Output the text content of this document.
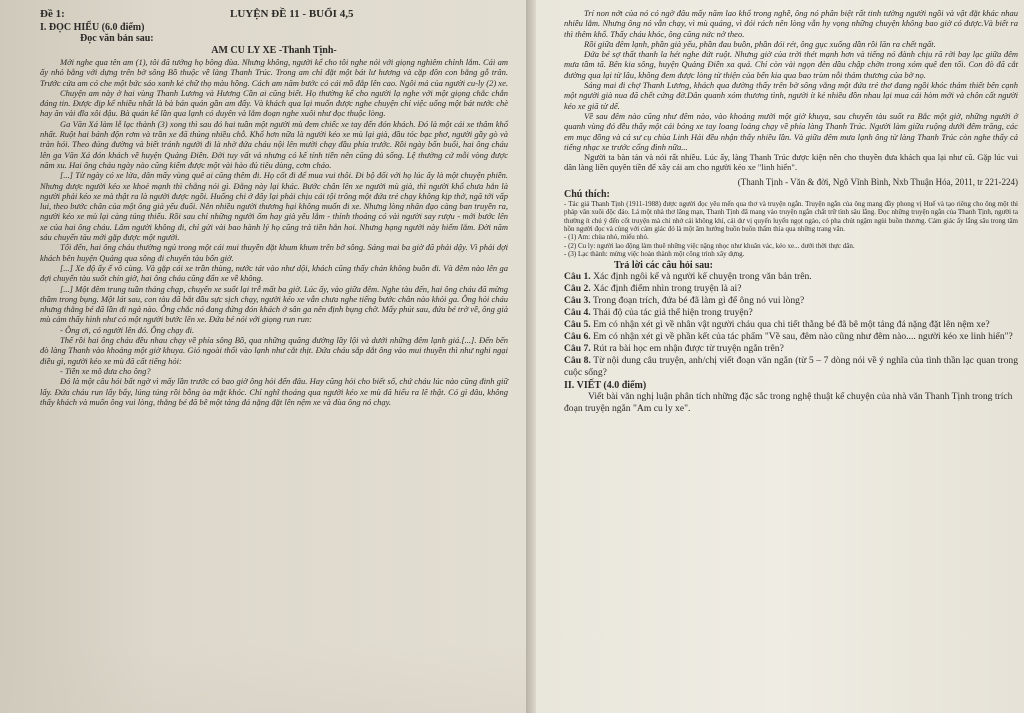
Đề 1:	LUYỆN ĐỀ 11 - BUỔI 4,5
I. ĐỌC HIỂU (6.0 điểm)
Đọc văn bản sau:
AM CU LY XE -Thanh Tịnh-

Mới nghe qua tên am (1), tôi đã tưởng họ bông đùa. Nhưng không, người kể cho tôi nghe nói với giọng nghiêm chỉnh lắm. Cái am ấy nhỏ bằng với dựng trên bờ sông Bồ thuộc về làng Thanh Trúc. Trong am chỉ đặt một bát lư hương và cặp đôn con bằng gỗ trân. Trước cửa am có che một bức sáo xanh kẻ chữ thọ màu hồng. Cách am năm bước có cái mồ đắp lên cao. Ngôi mả của người cu-ly (2) xe.

Chuyện am này ở hai vùng Thanh Lương và Hương Cần ai cũng biết. Họ thường kể cho người lạ nghe với một giọng chắc chắn đáng tin. Được địp kể nhiều nhất là bà bán quán gần am đấy. Và khách qua lại muốn được nghe chuyện chỉ việc uống một bát nước chè hay ăn vài đĩa xôi đậu. Bà quán kể lần qua lạnh có duyên và lắm đoạn nghe xuôi như đọc thuộc lòng.

Ga Văn Xá làm lễ lạc thành (3) xong thì sau đó hai tuần một người mù đem chiếc xe tay đến đón khách. Đó là một cái xe thâm khổ nhất. Ruột hai bánh độn rơm và trần xe đã thủng nhiều chỗ. Khổ hơn nữa là người kéo xe mù lại già, đầu tóc bạc phơ, người gầy gò và tràn hói. Theo đúng đường và biết tránh người đi là nhờ đứa cháu nội lên mười chạy đầu phía trước. Rồi ngày bốn buổi, hai ông cháu lên ga Văn Xá đón khách về huyện Quảng Điền. Đời tuy vất vả nhưng có kế tính tiền nên cũng đủ sống. Lệ thường cứ mỗi vòng được năm xu. Hai ông cháu ngày nào cũng kiếm được một vài hào đủ tiêu dùng, cơm cháo.

[...] Từ ngày có xe lửa, dân mấy vùng quê ai cũng thêm đi. Họ cốt đi để mua vui thôi. Đi bộ đối với họ lúc ấy là một chuyện phiền. Nhưng được người kéo xe khoẻ mạnh thì chẳng nói gì. Đằng này lại khác. Bước chân lên xe người mù già, thì người khổ chưa hẳn là người phải kéo xe mà thật ra là người được ngồi. Huống chi ở đây lại phải chịu cái tội trông một đứa trẻ chạy không kịp thở, ngã tới vấp lui, theo bước chân của một ông già yếu đuối. Nên nhiều người thương hại không muốn đi xe. Nhưng lòng nhân đạo càng ban truyền ra, người kéo xe mù lại càng túng thiếu. Rồi sau chỉ những người ốm hay già yếu lắm - thỉnh thoảng có vài người say rượu - mới bước lên xe của hai ông cháu. Lâm người không đi, chỉ gửi vài bao hành lý họ cũng trả tiền hẳn hoi. Nhưng hạng người này hiếm lắm. Đời năm sáu chuyến tàu mới gặp được một người.

Tối đến, hai ông cháu thường ngủ trong một cái mui thuyền đặt khum khum trên bờ sông. Sáng mai ba giờ đã phải dậy. Vì phải đợi khách bên huyện Quảng qua sông đi chuyến tàu bốn giờ.

[...] Xe độ ấy ế vô cùng. Và gặp cái xe trần thùng, nước tát vào như dội, khách cũng thấy chán không buồn đi. Và đêm nào lên ga đợi chuyến tàu suốt chín giờ, hai ông cháu cũng đẩn xe về không.

[...] Một đêm trung tuần tháng chạp, chuyến xe suốt lại trễ mất ba giờ. Lúc ấy, vào giữa đêm. Nghe tàu đến, hai ông cháu đã mừng thầm trong bụng. Một lát sau, con tàu đã bắt đầu sực sịch chạy, người kéo xe vẫn chưa nghe tiếng bước chân nào khỏi ga. Ông hỏi cháu nhưng thằng bé đã lần đi ngả nào. Ông chắc nó đang đứng đón khách ở sân ga nên định bụng chờ. Mấy phút sau, đứa bé trở về, ông già mù cảm thấy hình như có một người bước lên xe. Đứa bé nói với giọng run run:

- Ông ơi, có người lên đó. Ông chạy đi.

Thế rồi hai ông cháu đều nhau chạy về phía sông Bồ, qua những quãng đường lầy lội và dưới những đêm lạnh giá.[...]. Đến bến đò làng Thanh vào khoảng một giờ khuya. Gió ngoài thổi vào lạnh như cắt thịt. Đứa cháu sắp dắt ông vào mui thuyền thì như nghi ngại điều gì, người kéo xe mù đã cất tiếng hỏi:

- Tiền xe mô đưa cho ông?

Đó là một câu hỏi bất ngờ vì mấy lần trước có bao giờ ông hỏi đến đâu. Hay cũng hỏi cho biết số, chứ cháu lúc nào cũng đinh giữ lấy. Đứa cháu run lẩy bẩy, lúng túng rồi bỗng òa mặt khóc. Chỉ nghĩ thoáng qua người kéo xe mù đã hiểu ra lẽ thật. Có gì đâu, không thấy khách và muốn ông vui lòng, thằng bé đã bê một tảng đá nặng đặt lên nệm xe và đùa ông nó chạy.

Trí non nớt của nó có ngờ đâu mấy năm lao khổ trong nghề, ông nó phân biệt rất tinh tường người ngồi và vật đặt khác nhau nhiều lắm. Nhưng ông nó vẫn chạy, vì mù quáng, vì đói rách nên lòng vẫn hy vọng những chuyện không bao giờ có được.Và biết ra thì thêm khổ. Thấy cháu khóc, ông cũng nức nở theo.

Rồi giữa đêm lạnh, phần già yếu, phần đau buồn, phần đói rét, ông gục xuống dần rồi lăn ra chết ngất.

Đứa bé sợ thất thanh la hét nghe đứt ruột. Nhưng giờ của trời thét mạnh hơn và tiếng nó đành chịu rã rời bay lạc giữa đêm mưa tầm tã. Bên kia sông, huyện Quảng Điền xa quá. Chỉ còn vài ngọn đèn dầu chập chờn trong xóm quê đen tối. Con đò đã cắt đường qua lại từ lâu, không đem được lòng từ thiện của bến kia qua bao trùm nỗi thảm thương của bờ nọ.

Sáng mai đi chợ Thanh Lương, khách qua đường thấy trên bờ sông vắng một đứa trẻ thơ đang ngồi khóc thảm thiết bên cạnh một người già nua đã chết cứng đờ.Dân quanh xóm thương tình, người ít kẻ nhiều đồn nhau lại mua cái hòm mới và chôn cất người kéo xe giã từ dế.

Về sau đêm nào cũng như đêm nào, vào khoảng mười một giờ khuya, sau chuyến tàu suốt ra Bắc một giờ, những người ở quanh vùng đó đều thấy một cái bóng xe tay loang loáng chạy về phía làng Thanh Trúc. Người làm giữa ruộng dưới đêm trăng, các em mục đồng và cả sư cụ chùa Linh Hải đều nhận thấy nhiều lần. Và giữa đêm mưa lạnh ông từ làng Thanh Trúc còn nghe thấy cả tiếng nhạc xe trước cổng đình nữa...

Người ta bàn tán và nói rất nhiều. Lúc ấy, làng Thanh Trúc được kiện nên cho thuyền đưa khách qua lại như cũ. Gặp lúc vui dân làng liền quyên tiền để xây cái am cho người kéo xe "linh hiển".

(Thanh Tịnh - Văn & đời, Ngô Vĩnh Bình, Nxb Thuận Hóa, 2011, tr 221-224)
Chú thích:
- Tác giả Thanh Tịnh (1911-1988) được người đọc yêu mến qua thơ và truyện ngắn. Truyện ngắn của ông mang đầy phong vị Huế và tạo riêng cho ông một thi pháp văn xuôi độc đáo. Lá một nhà thơ lãng mạn, Thanh Tịnh đã mang vào truyện ngắn chất trữ tình sâu lắng. Đọc những truyện ngắn của Thanh Tịnh, người ta thường ít chú ý đến cốt truyện mà chỉ nhớ cái không khí, cái dư vị quyến luyến ngọt ngào, có pha chút ngậm ngùi buồn thương. Cảm giác ấy lắng sâu trong tâm hồn người đọc và cùng với cảm giác đó là một âm hưởng buồn buồn thấm thìa qua những trang văn.
- (1) Am: chùa nhỏ, miếu nhỏ.
- (2) Cu ly: người lao động làm thuê những việc nặng nhọc như khuân vác, kéo xe... dưới thời thực dân.
- (3) Lạc thành: mừng việc hoàn thành một công trình xây dựng.
Trả lời các câu hỏi sau:

Câu 1. Xác định ngôi kể và người kể chuyện trong văn bản trên.

Câu 2. Xác định điểm nhìn trong truyện là ai?

Câu 3. Trong đoạn trích, đứa bé đã làm gì để ông nó vui lòng?

Câu 4. Thái độ của tác giả thể hiện trong truyện?

Câu 5. Em có nhận xét gì về nhân vật người cháu qua chi tiết thằng bé đã bê một tảng đá nặng đặt lên nệm xe?

Câu 6. Em có nhận xét gì về phần kết của tác phẩm "Về sau, đêm nào cũng như đêm nào.... người kéo xe linh hiển"?

Câu 7. Rút ra bài học em nhận được từ truyện ngắn trên?

Câu 8. Từ nội dung câu truyện, anh/chị viết đoạn văn ngắn (từ 5 – 7 dòng nói về ý nghĩa của tình thần lạc quan trong cuộc sống?

II. VIẾT (4.0 điểm)
Viết bài văn nghị luận phân tích những đặc sắc trong nghệ thuật kể chuyện của nhà văn Thanh Tịnh trong trích đoạn truyện ngắn "Am cu ly xe".
